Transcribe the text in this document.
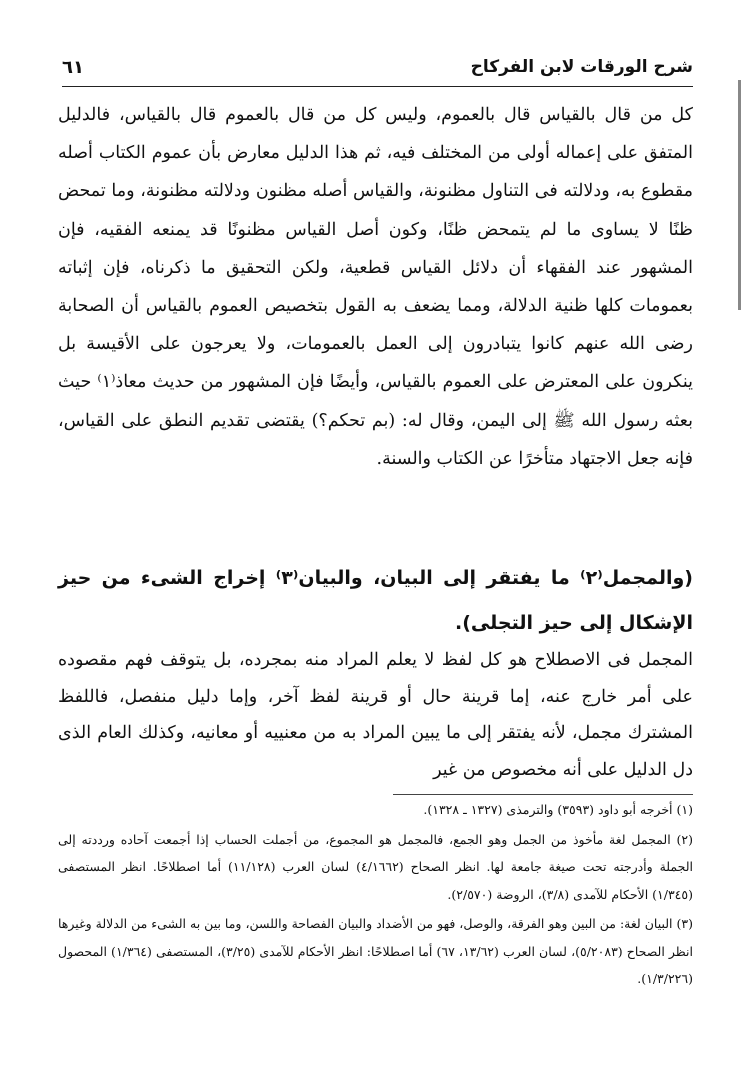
شرح الورقات لابن الفركاح
٦١

كل من قال بالقياس قال بالعموم، وليس كل من قال بالعموم قال بالقياس، فالدليل المتفق على إعماله أولى من المختلف فيه، ثم هذا الدليل معارض بأن عموم الكتاب أصله مقطوع به، ودلالته فى التناول مظنونة، والقياس أصله مظنون ودلالته مظنونة، وما تمحض ظنًا لا يساوى ما لم يتمحض ظنًا، وكون أصل القياس مظنونًا قد يمنعه الفقيه، فإن المشهور عند الفقهاء أن دلائل القياس قطعية، ولكن التحقيق ما ذكرناه، فإن إثباته بعمومات كلها ظنية الدلالة، ومما يضعف به القول بتخصيص العموم بالقياس أن الصحابة رضى الله عنهم كانوا يتبادرون إلى العمل بالعمومات، ولا يعرجون على الأقيسة بل ينكرون على المعترض على العموم بالقياس، وأيضًا فإن المشهور من حديث معاذ⁽١⁾ حيث بعثه رسول الله ﷺ إلى اليمن، وقال له: (بم تحكم؟) يقتضى تقديم النطق على القياس، فإنه جعل الاجتهاد متأخرًا عن الكتاب والسنة.

(والمجمل⁽٢⁾ ما يفتقر إلى البيان، والبيان⁽٣⁾ إخراج الشىء من حيز الإشكال إلى حيز التجلى).

المجمل فى الاصطلاح هو كل لفظ لا يعلم المراد منه بمجرده، بل يتوقف فهم مقصوده على أمر خارج عنه، إما قرينة حال أو قرينة لفظ آخر، وإما دليل منفصل، فاللفظ المشترك مجمل، لأنه يفتقر إلى ما يبين المراد به من معنييه أو معانيه، وكذلك العام الذى دل الدليل على أنه مخصوص من غير

(١) أخرجه أبو داود (٣٥٩٣) والترمذى (١٣٢٧ ـ ١٣٢٨).

(٢) المجمل لغة مأخوذ من الجمل وهو الجمع، فالمجمل هو المجموع، من أجملت الحساب إذا أجمعت آحاده ورددته إلى الجملة وأدرجته تحت صيغة جامعة لها. انظر الصحاح (٤/١٦٦٢) لسان العرب (١١/١٢٨) أما اصطلاحًا. انظر المستصفى (١/٣٤٥) الأحكام للآمدى (٣/٨)، الروضة (٢/٥٧٠).

(٣) البيان لغة: من البين وهو الفرقة، والوصل، فهو من الأضداد والبيان الفصاحة واللسن، وما بين به الشىء من الدلالة وغيرها انظر الصحاح (٥/٢٠٨٣)، لسان العرب (١٣/٦٢، ٦٧) أما اصطلاحًا: انظر الأحكام للآمدى (٣/٢٥)، المستصفى (١/٣٦٤) المحصول (١/٣/٢٢٦).
